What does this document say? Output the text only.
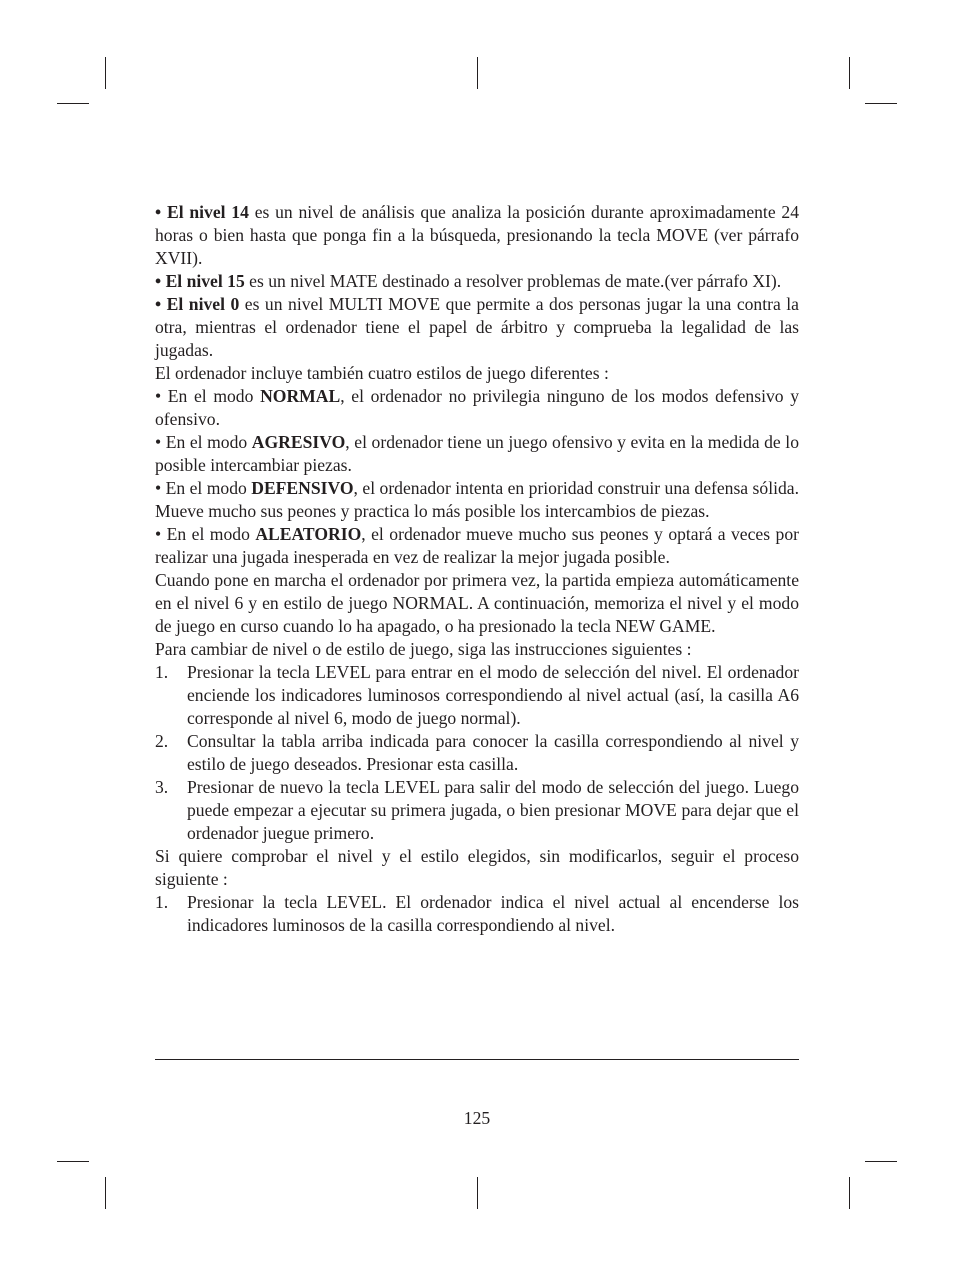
• El nivel 14 es un nivel de análisis que analiza la posición durante aproximadamente 24 horas o bien hasta que ponga fin a la búsqueda, presionando la tecla MOVE (ver párrafo XVII).

• El nivel 15 es un nivel MATE destinado a resolver problemas de mate.(ver párrafo XI).

• El nivel 0 es un nivel MULTI MOVE que permite a dos personas jugar la una contra la otra, mientras el ordenador tiene el papel de árbitro y comprueba la legalidad de las jugadas.

El ordenador incluye también cuatro estilos de juego diferentes :

• En el modo NORMAL, el ordenador no privilegia ninguno de los modos defensivo y ofensivo.

• En el modo AGRESIVO, el ordenador tiene un juego ofensivo y evita en la medida de lo posible intercambiar piezas.

• En el modo DEFENSIVO, el ordenador intenta en prioridad construir una defensa sólida. Mueve mucho sus peones y practica lo más posible los intercambios de piezas.

• En el modo ALEATORIO, el ordenador mueve mucho sus peones y optará a veces por realizar una jugada inesperada en vez de realizar la mejor jugada posible.

Cuando pone en marcha el ordenador por primera vez, la partida empieza automáticamente en el nivel 6 y en estilo de juego NORMAL. A continuación, memoriza el nivel y el modo de juego en curso cuando lo ha apagado, o ha presionado la tecla NEW GAME.

Para cambiar de nivel o de estilo de juego, siga las instrucciones siguientes :

1. Presionar la tecla LEVEL para entrar en el modo de selección del nivel. El ordenador enciende los indicadores luminosos correspondiendo al nivel actual (así, la casilla A6 corresponde al nivel 6, modo de juego normal).
2. Consultar la tabla arriba indicada para conocer la casilla correspondiendo al nivel y estilo de juego deseados. Presionar esta casilla.
3. Presionar de nuevo la tecla LEVEL para salir del modo de selección del juego. Luego puede empezar a ejecutar su primera jugada, o bien presionar MOVE para dejar que el ordenador juegue primero.

Si quiere comprobar el nivel y el estilo elegidos, sin modificarlos, seguir el proceso siguiente :

1. Presionar la tecla LEVEL. El ordenador indica el nivel actual al encenderse los indicadores luminosos de la casilla correspondiendo al nivel.
125
